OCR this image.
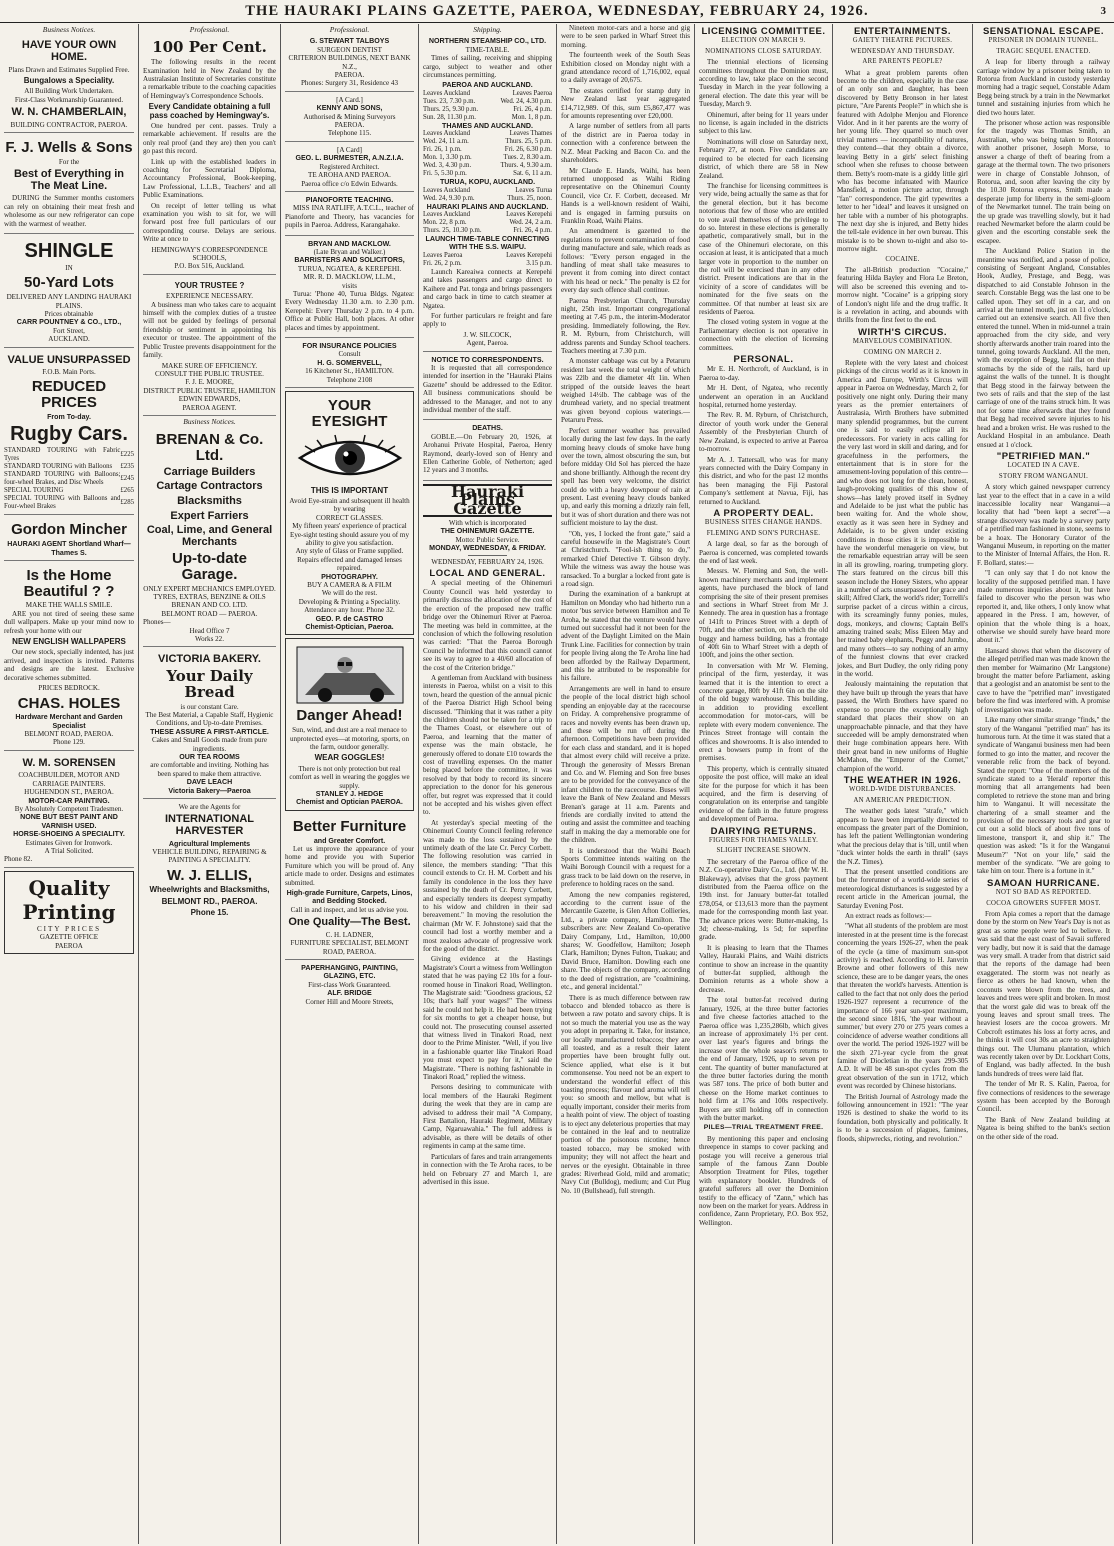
THE HAURAKI PLAINS GAZETTE, PAEROA, WEDNESDAY, FEBRUARY 24, 1926.	3
Business Notices.
HAVE YOUR OWN HOME.
Plans Drawn and Estimates Supplied Free.
Bungalows a Speciality.
All Building Work Undertaken.
First-Class Workmanship Guaranteed.
W. N. CHAMBERLAIN,
BUILDING CONTRACTOR, PAEROA.
F. J. Wells & Sons
For the
Best of Everything in The Meat Line.

DURING the Summer months customers can rely on obtaining their meat fresh and wholesome as our new refrigerator can cope with the warmest of weather.

SHINGLE
IN
50-Yard Lots
DELIVERED ANY LANDING HAURAKI PLAINS.
Prices obtainable
CARR POUNTNEY & CO., LTD.,
Fort Street,
AUCKLAND.
VALUE UNSURPASSED
F.O.B. Main Ports.
REDUCED PRICES
From To-day.
Rugby Cars.
STANDARD TOURING with Fabric Tyres	£225
STANDARD TOURING with Balloons	£235
STANDARD TOURING with Balloons; four-wheel Brakes, and Disc Wheels	£245
SPECIAL TOURING	£265
SPECIAL TOURING with Balloons and Four-wheel Brakes	£285
Gordon Mincher
HAURAKI AGENT Shortland Wharf—Thames S.
Is the Home Beautiful ? ?
MAKE THE WALLS SMILE.

ARE you not tired of seeing these same dull wallpapers. Make up your mind now to refresh your home with our

NEW ENGLISH WALLPAPERS

Our new stock, specially indented, has just arrived, and inspection is invited. Patterns and designs are the latest. Exclusive decorative schemes submitted.

PRICES BEDROCK.
CHAS. HOLES
Hardware Merchant and Garden Specialist
BELMONT ROAD, PAEROA.
Phone 129.
W. M. SORENSEN
COACHBUILDER, MOTOR AND CARRIAGE PAINTERS.
HUGHENDON ST., PAEROA.
MOTOR-CAR PAINTING.
By Absolutely Competent Tradesmen.
NONE BUT BEST PAINT AND VARNISH USED.
HORSE-SHOEING A SPECIALITY.
Estimates Given for Ironwork.
A Trial Solicited.
Phone 82.
Quality
Printing
CITY PRICES
GAZETTE OFFICE
PAEROA
Professional.
100 Per Cent.

The following results in the recent Examination held in New Zealand by the Australasian Institute of Secretaries constitute a remarkable tribute to the coaching capacities of Hemingway's Correspondence Schools.

Every Candidate obtaining a full pass coached by Hemingway's.

One hundred per cent. passes. Truly a remarkable achievement. If results are the only real proof (and they are) then you can't go past this record.

Link up with the established leaders in coaching for Secretarial Diploma, Accountancy Professional, Book-keeping, Law Professional, L.L.B., Teachers' and all Public Examinations.

On receipt of letter telling us what examination you wish to sit for, we will forward post free full particulars of our corresponding course. Delays are serious. Write at once to

HEMINGWAY'S CORRESPONDENCE SCHOOLS,
P.O. Box 516, Auckland.
YOUR TRUSTEE ?
EXPERIENCE NECESSARY.

A business man who takes care to acquaint himself with the complex duties of a trustee will not be guided by feelings of personal friendship or sentiment in appointing his executor or trustee. The appointment of the Public Trustee prevents disappointment for the family.

MAKE SURE OF EFFICIENCY.
CONSULT THE PUBLIC TRUSTEE.
F. J. E. MOORE,
DISTRICT PUBLIC TRUSTEE, HAMILTON
EDWIN EDWARDS,
PAEROA AGENT.
Business Notices.
BRENAN & Co. Ltd.
Carriage Builders
Cartage Contractors
Blacksmiths
Expert Farriers
Coal, Lime, and General Merchants
Up-to-date Garage.
ONLY EXPERT MECHANICS EMPLOYED.
TYRES, EXTRAS, BENZINE & OILS
BRENAN AND CO. LTD.
BELMONT ROAD — PAEROA.
Phones—
Head Office 7
Works 22.
VICTORIA BAKERY.
Your Daily Bread
is our constant Care.
The Best Material, a Capable Staff, Hygienic Conditions, and Up-to-date Premises.
THESE ASSURE A FIRST-ARTICLE.
Cakes and Small Goods made from pure ingredients.
OUR TEA ROOMS
are comfortable and inviting. Nothing has been spared to make them attractive.
DAVE LEACH
Victoria Bakery—Paeroa
We are the Agents for
INTERNATIONAL HARVESTER
Agricultural Implements
VEHICLE BUILDING, REPAIRING & PAINTING A SPECIALITY.
W. J. ELLIS,
Wheelwrights and Blacksmiths,
BELMONT RD., PAEROA.
Phone 15.
Professional.
G. STEWART TALBOYS
SURGEON DENTIST
CRITERION BUILDINGS, NEXT BANK N.Z.,
PAEROA.
Phones: Surgery 31, Residence 43
[A Card.]
KENNY AND SONS,
Authorised & Mining Surveyors
PAEROA.
Telephone 115.
[A Card]
GEO. L. BURMESTER, A.N.Z.I.A.
Registered Architect.
TE AROHA AND PAEROA.
Paeroa office c/o Edwin Edwards.
PIANOFORTE TEACHING.

MISS INA RATLIFF, A.T.C.L., teacher of Pianoforte and Theory, has vacancies for pupils in Paeroa. Address, Karangahake.

BRYAN AND MACKLOW.
(Late Bryan and Walker.)
BARRISTERS AND SOLICITORS,
TURUA, NGATEA, & KEREPEHI.
MR. R. D. MACKLOW, LL.M.,
visits

Turua: 'Phone 40, Turua Bldgs. Ngatea: Every Wednesday 11.30 a.m. to 2.30 p.m. Kerepehi: Every Thursday 2 p.m. to 4 p.m. Office at Public Hall, both places. At other places and times by appointment.

FOR INSURANCE POLICIES
Consult
H. G. SOMERVELL,
16 Kitchener St., HAMILTON.
Telephone 2108
YOUR EYESIGHT
THIS IS IMPORTANT
Avoid Eye-strain and subsequent ill health by wearing
CORRECT GLASSES.
My fifteen years' experience of practical Eye-sight testing should assure you of my ability to give you satisfaction.
Any style of Glass or Frame supplied.
Repairs effected and damaged lenses repaired.
PHOTOGRAPHY.
BUY A CAMERA & A FILM
We will do the rest.
Developing & Printing a Speciality.
Attendance any hour. Phone 32.
GEO. P. de CASTRO
Chemist-Optician, Paeroa.
Danger Ahead!
Sun, wind, and dust are a real menace to unprotected eyes—at motoring, sports, on the farm, outdoor generally.
WEAR GOGGLES!
There is not only protection but real comfort as well in wearing the goggles we supply.
STANLEY J. HEDGE
Chemist and Optician PAEROA.
Better Furniture
and Greater Comfort.

Let us improve the appearance of your home and provide you with Superior Furniture which you will be proud of. Any article made to order. Designs and estimates submitted.

High-grade Furniture, Carpets, Linos, and Bedding Stocked.
Call in and inspect, and let us advise you.
One Quality—The Best.
C. H. LADNER,
FURNITURE SPECIALIST, BELMONT ROAD, PAEROA.
PAPERHANGING, PAINTING, GLAZING, ETC.
First-class Work Guaranteed.
ALF. BRIDGE
Corner Hill and Moore Streets,
Shipping.
NORTHERN STEAMSHIP CO., LTD.
TIME-TABLE.

Times of sailing, receiving and shipping cargo, subject to weather and other circumstances permitting.

PAEROA AND AUCKLAND.
Leaves Auckland	Leaves Paeroa
Tues. 23, 7.30 p.m.	Wed. 24, 4.30 p.m.
Thurs. 25, 9.30 p.m.	Fri. 26, 4 p.m.
Sun. 28, 11.30 p.m.	Mon. 1, 8 p.m.
THAMES AND AUCKLAND.
Leaves Auckland	Leaves Thames
Wed. 24, 11 a.m.	Thurs. 25, 5 p.m.
Fri. 26, 1 p.m.	Fri. 26, 6.30 p.m.
Mon. 1, 3.30 p.m.	Tues. 2, 8.30 a.m.
Wed. 3, 4.30 p.m.	Thurs. 4, 9.30 a.m.
Fri. 5, 5.30 p.m.	Sat. 6, 11 a.m.
TURUA, KOPU, AUCKLAND.
Leaves Auckland	Leaves Turua
Wed. 24, 9.30 p.m.	Thurs. 25, noon.
HAURAKI PLAINS AND AUCKLAND.
Leaves Auckland	Leaves Kerepehi
Mon. 22, 8 p.m.	Wed. 24, 2 a.m.
Thurs. 25, 10.30 p.m.	Fri. 26, 4 p.m.
LAUNCH TIME-TABLE CONNECTING WITH THE S.S. WAIPU.
Leaves Paeroa	Leaves Kerepehi
Fri. 26, 2 p.m.	3.15 p.m.

Launch Kareaiwa connects at Kerepehi and takes passengers and cargo direct to Kaihere and Pat. tonga and brings passengers and cargo back in time to catch steamer at Ngatea.

For further particulars re freight and fare apply to

J. W. SILCOCK,
Agent, Paeroa.
NOTICE TO CORRESPONDENTS.

It is requested that all correspondence intended for insertion in the "Hauraki Plains Gazette" should be addressed to the Editor. All business communications should be addressed to the Manager, and not to any individual member of the staff.

DEATHS.

GOBLE.—On February 20, 1926, at Arohanui Private Hospital, Paeroa, Henry Raymond, dearly-loved son of Henry and Ellen Catherine Goble, of Netherton; aged 12 years and 3 months.

Hauraki Plains Gazette
With which is incorporated
THE OHINEMURI GAZETTE.
Motto: Public Service.
MONDAY, WEDNESDAY, & FRIDAY.
WEDNESDAY, FEBRUARY 24, 1926.
LOCAL AND GENERAL.

A special meeting of the Ohinemuri County Council was held yesterday to primarily discuss the allocation of the cost of the erection of the proposed new traffic bridge over the Ohinemuri River at Paeroa. The meeting was held in committee, at the conclusion of which the following resolution was carried: "That the Paeroa Borough Council be informed that this council cannot see its way to agree to a 40/60 allocation of the cost of the Criterion bridge."

A gentleman from Auckland with business interests in Paeroa, whilst on a visit to this town, heard the question of the annual picnic of the Paeroa District High School being discussed. "Thinking that it was rather a pity the children should not be taken for a trip to the Thames Coast, or elsewhere out of Paeroa, and learning that the matter of expense was the main obstacle, he generously offered to donate £10 towards the cost of travelling expenses. On the matter being placed before the committee, it was resolved by that body to record its sincere appreciation to the donor for his generous offer, but regret was expressed that it could not be accepted and his wishes given effect to.

At yesterday's special meeting of the Ohinemuri County Council feeling reference was made to the loss sustained by the untimely death of the late Cr. Percy Corbett. The following resolution was carried in silence, the members standing: "That this council extends to Cr. H. M. Corbett and his family its condolence in the loss they have sustained by the death of Cr. Percy Corbett, and especially tenders its deepest sympathy to his widow and children in their sad bereavement." In moving the resolution the chairman (Mr W. F. Johnstone) said that the council had lost a worthy member and a most zealous advocate of progressive work for the good of the district.

Giving evidence at the Hastings Magistrate's Court a witness from Wellington stated that he was paying £2 10s for a four-roomed house in Tinakori Road, Wellington. The Magistrate said: "Goodness gracious, £2 10s; that's half your wages!" The witness said he could not help it. He had been trying for six months to get a cheaper house, but could not. The prosecuting counsel asserted that witness lived in Tinakori Road, next door to the Prime Minister. "Well, if you live in a fashionable quarter like Tinakori Road you must expect to pay for it," said the Magistrate. "There is nothing fashionable in Tinakori Road," replied the witness.

Persons desiring to communicate with local members of the Hauraki Regiment during the week that they are in camp are advised to address their mail "A Company, First Battalion, Hauraki Regiment, Military Camp, Ngaruawahia." The full address is advisable, as there will be details of other regiments in camp at the same time.

Particulars of fares and train arrangements in connection with the Te Aroha races, to be held on February 27 and March 1, are advertised in this issue.

Nineteen motor-cars and a horse and gig were to be seen parked in Wharf Street this morning.

The fourteenth week of the South Seas Exhibition closed on Monday night with a grand attendance record of 1,716,002, equal to a daily average of 20,675.

The estates certified for stamp duty in New Zealand last year aggregated £14,712,989. Of this, sum £5,867,477 was for amounts representing over £20,000.

A large number of settlers from all parts of the district are in Paeroa today in connection with a conference between the N.Z. Meat Packing and Bacon Co. and the shareholders.

Mr Claude E. Hands, Waihi, has been returned unopposed as Waihi Riding representative on the Ohinemuri County Council, vice Cr. F. Corbett, deceased. Mr Hands is a well-known resident of Waihi, and is engaged in farming pursuits on Franklin Road, Waihi Plains.

An amendment is gazetted to the regulations to prevent contamination of food during manufacture and sale, which reads as follows: "Every person engaged in the handling of meat shall take measures to prevent it from coming into direct contact with his head or neck." The penalty is £2 for every day such offence shall continue.

Paeroa Presbyterian Church, Thursday night, 25th inst. Important congregational meeting at 7.45 p.m., the interim-Moderator presiding. Immediately following, the Rev. R. M. Ryburn, from Christchurch, will address parents and Sunday School teachers. Teachers meeting at 7.30 p.m.

A monster cabbage was cut by a Petaruru resident last week the total weight of which was 22lb and the diameter 4ft 1in. When stripped of the outside leaves the heart weighed 14½lb. The cabbage was of the drumhead variety, and no special treatment was given beyond copious waterings.—Petaruru Press.

Perfect summer weather has prevailed locally during the last few days. In the early morning heavy clouds of smoke have hung over the town, almost obscuring the sun, but before midday Old Sol has pierced the haze and shone brilliantly. Although the recent dry spell has been very welcome, the district could do with a heavy downpour of rain at present. Last evening heavy clouds banked up, and early this morning a drizzly rain fell, but it was of short duration and there was not sufficient moisture to lay the dust.

"Oh, yes, I locked the front gate," said a careful housewife in the Magistrate's Court at Christchurch. "Fool-ish thing to do," remarked Chief Detective T. Gibson dryly. While the witness was away the house was ransacked. To a burglar a locked front gate is a road sign.

During the examination of a bankrupt at Hamilton on Monday who had hitherto run a motor 'bus service between Hamilton and Te Aroha, he stated that the venture would have turned out successful had it not been for the advent of the Daylight Limited on the Main Trunk Line. Facilities for connection by train for people living along the Te Aroha line had been afforded by the Railway Department, and this he attributed to be responsible for his failure.

Arrangements are well in hand to ensure the people of the local district high school spending an enjoyable day at the racecourse on Friday. A comprehensive programme of races and novelty events has been drawn up, and these will be run off during the afternoon. Competitions have been provided for each class and standard, and it is hoped that almost every child will receive a prize. Through the generosity of Messrs Brenan and Co. and W. Fleming and Son free buses are to be provided for the conveyance of the infant children to the racecourse. Buses will leave the Bank of New Zealand and Messrs Brenan's garage at 11 a.m. Parents and friends are cordially invited to attend the outing and assist the committee and teaching staff in making the day a memorable one for the children.

It is understood that the Waihi Beach Sports Committee intends waiting on the Waihi Borough Council with a request for a grass track to be laid down on the reserve, in preference to holding races on the sand.

Among the new companies registered, according to the current issue of the Mercantile Gazette, is Glen Afton Collieries, Ltd., a private company, Hamilton. The subscribers are: New Zealand Co-operative Dairy Company, Ltd., Hamilton, 10,000 shares; W. Goodfellow, Hamilton; Joseph Clark, Hamilton; Dynes Fulton, Tuakau; and David Bruce, Hamilton. Dowling each one share. The objects of the company, according to the deed of registration, are "coalmining, etc., and general incidental."

There is as much difference between raw tobacco and blended tobacco as there is between a raw potato and savory chips. It is not so much the material you use as the way you adopt in preparing it. Take, for instance, our locally manufactured tobaccos; they are all toasted, and as a result their latent properties have been brought fully out. Science applied, what else is it but commonsense. You need not be an expert to understand the wonderful effect of this toasting process; flavour and aroma will tell you: so smooth and mellow, but what is equally important, consider their merits from a health point of view. The object of toasting is to eject any deleterious properties that may be contained in the leaf and to neutralize portion of the poisonous nicotine; hence toasted tobacco, may be smoked with impunity; they will not affect the heart and nerves or the eyesight. Obtainable in three grades: Riverhead Gold, mild and aromatic; Navy Cut (Bulldog), medium; and Cut Plug No. 10 (Bullshead), full strength.

LICENSING COMMITTEE.
ELECTION ON MARCH 9.
NOMINATIONS CLOSE SATURDAY.

The triennial elections of licensing committees throughout the Dominion must, according to law, take place on the second Tuesday in March in the year following a general election. The date this year will be Tuesday, March 9.

Ohinemuri, after being for 11 years under no license, is again included in the districts subject to this law.

Nominations will close on Saturday next, February 27, at noon. Five candidates are required to be elected for each licensing district, of which there are 58 in New Zealand.

The franchise for licensing committees is very wide, being actually the same as that for the general election, but it has become notorious that few of those who are entitled to vote avail themselves of the privilege to do so. Interest in these elections is generally apathetic, comparatively small, but in the case of the Ohinemuri electorate, on this occasion at least, it is anticipated that a much larger vote in proportion to the number on the roll will be exercised than in any other district. Present indications are that in the vicinity of a score of candidates will be nominated for the five seats on the committee. Of that number at least six are residents of Paeroa.

The closed voting system in vogue at the Parliamentary election is not operative in connection with the election of licensing committees.

PERSONAL.

Mr E. H. Northcroft, of Auckland, is in Paeroa to-day.

Mr H. Dent, of Ngatea, who recently underwent an operation in an Auckland hospital, returned home yesterday.

The Rev. R. M. Ryburn, of Christchurch, director of youth work under the General Assembly of the Presbyterian Church of New Zealand, is expected to arrive at Paeroa to-morrow.

Mr A. J. Tattersall, who was for many years connected with the Dairy Company in this district, and who for the past 12 months has been managing the Fiji Pastoral Company's settlement at Navua, Fiji, has returned to Auckland.

A PROPERTY DEAL.
BUSINESS SITES CHANGE HANDS.
FLEMING AND SON'S PURCHASE.

A large deal, so far as the borough of Paeroa is concerned, was completed towards the end of last week.

Messrs. W. Fleming and Son, the well-known machinery merchants and implement agents, have purchased the block of land comprising the site of their present premises and sections in Wharf Street from Mr J. Kennedy. The area in question has a frontage of 141ft to Princes Street with a depth of 70ft, and the other section, on which the old buggy and harness building, has a frontage of 40ft 6in to Wharf Street with a depth of 100ft, and joins the other section.

In conversation with Mr W. Fleming, principal of the firm, yesterday, it was learned that it is the intention to erect a concrete garage, 80ft by 41ft 6in on the site of the old buggy warehouse. This building, in addition to providing excellent accommodation for motor-cars, will be replete with every modern convenience. The Princes Street frontage will contain the offices and showrooms. It is also intended to erect a bowsers pump in front of the premises.

This property, which is centrally situated opposite the post office, will make an ideal site for the purpose for which it has been acquired, and the firm is deserving of congratulation on its enterprise and tangible evidence of the faith in the future progress and development of Paeroa.

DAIRYING RETURNS.
FIGURES FOR THAMES VALLEY.
SLIGHT INCREASE SHOWN.

The secretary of the Paeroa office of the N.Z. Co-operative Dairy Co., Ltd. (Mr W. H. Blakeway), advises that the gross payment distributed from the Paeroa office on the 19th inst. for January butter-fat totalled £78,054, or £13,613 more than the payment made for the corresponding month last year. The advance prices were: Butter-making, 1s 3d; cheese-making, 1s 5d; for superfine grade.

It is pleasing to learn that the Thames Valley, Hauraki Plains, and Waihi districts continue to show an increase in the quantity of butter-fat supplied, although the Dominion returns as a whole show a decrease.

The total butter-fat received during January, 1926, at the three butter factories and five cheese factories attached to the Paeroa office was 1,235,286lb, which gives an increase of approximately 1½ per cent. over last year's figures and brings the increase over the whole season's returns to the end of January, 1926, up to seven per cent. The quantity of butter manufactured at the three butter factories during the month was 587 tons. The price of both butter and cheese on the Home market continues to hold firm at 176s and 100s respectively. Buyers are still holding off in connection with the butter market.

PILES—TRIAL TREATMENT FREE.

By mentioning this paper and enclosing threepence in stamps to cover packing and postage you will receive a generous trial sample of the famous Zann Double Absorption Treatment for Piles, together with explanatory booklet. Hundreds of grateful sufferers all over the Dominion testify to the efficacy of "Zann," which has now been on the market for years. Address in confidence, Zann Proprietary, P.O. Box 952, Wellington.

ENTERTAINMENTS.
GAIETY THEATRE PICTURES.
WEDNESDAY AND THURSDAY.
ARE PARENTS PEOPLE?

What a great problem parents often become to the children, especially in the case of an only son and daughter, has been discovered by Betty Bronson in her latest picture, "Are Parents People?" in which she is featured with Adolphe Menjou and Florence Vidor. And in it her parents are the worry of her young life. They quarrel so much over trivial matters — incompatibility of natures, they contend—that they obtain a divorce, leaving Betty in a girls' select finishing school when she refuses to choose between them. Betty's room-mate is a giddy little girl who has become infatuated with Maurice Mansfield, a motion picture actor, through "fan" correspondence. The girl typewrites a letter to her "ideal" and leaves it unsigned on her table with a number of his photographs. The next day she is injured, and Betty hides the tell-tale evidence in her own bureau. This mistake is to be shown to-night and also to-morrow night.

COCAINE.

The all-British production "Cocaine," featuring Hilda Bayley and Flora Le Breton, will also be screened this evening and to-morrow night. "Cocaine" is a gripping story of London's night life and the drug traffic. It is a revelation in acting, and abounds with thrills from the first feet to the end.

WIRTH'S CIRCUS.
MARVELOUS COMBINATION.
COMING ON MARCH 2.

Replete with the very latest and choicest pickings of the circus world as it is known in America and Europe, Wirth's Circus will appear in Paeroa on Wednesday, March 2, for positively one night only. During their many years as the premier entertainers of Australasia, Wirth Brothers have submitted many splendid programmes, but the current one is said to easily eclipse all its predecessors. For variety in acts calling for the very last word in skill and daring, and for gracefulness in the performers, the entertainment that is in store for the amusement-loving population of this centre—and who does not long for the clean, honest, laugh-provoking qualities of this show of shows—has lately proved itself in Sydney and Adelaide to be just what the public has been waiting for. And the whole show, exactly as it was seen here in Sydney and Adelaide, is to be given under existing conditions in those cities it is impossible to have the wonderful menagerie on view, but the remarkable equestrian array will be seen in all its growling, roaring, trumpeting glory. The stars featured on the circus bill this season include the Honey Sisters, who appear in a number of acts unsurpassed for grace and skill; Alfred Clark, the world's rider; Torrelli's surprise packet of a circus within a circus, with its screamingly funny ponies, mules, dogs, monkeys, and clowns; Captain Bell's amazing trained seals; Miss Eileen May and her trained baby elephants, Peggy and Jumbo, and many others—to say nothing of an army of the funniest clowns that ever cracked jokes, and Burt Dudley, the only riding pony in the world.

Jealously maintaining the reputation that they have built up through the years that have passed, the Wirth Brothers have spared no expense to procure the exceptionally high standard that places their show on an unapproachable pinnacle, and that they have succeeded will be amply demonstrated when their huge combination appears here. With their great band in new uniforms of Hughie McMahon, the "Emperor of the Cornet," champion of the world.

THE WEATHER IN 1926.
WORLD-WIDE DISTURBANCES.
AN AMERICAN PREDICTION.

The weather gods latest "strafe," which appears to have been impartially directed to encompass the greater part of the Dominion, has left the patient Wellingtonian wondering what the precious delay that is 'till, until when "duck winter holds the earth in thrall" (says the N.Z. Times).

That the present unsettled conditions are but the forerunner of a world-wide series of meteorological disturbances is suggested by a recent article in the American journal, the Saturday Evening Post.

An extract reads as follows:—

"What all students of the problem are most interested in at the present time is the forecast concerning the years 1926-27, when the peak of the cycle (a time of maximum sun-spot activity) is reached. According to H. Janvrin Browne and other followers of this new science, these are to be danger years, the ones that threaten the world's harvests. Attention is called to the fact that not only does the period 1926-1927 represent a recurrence of the importance of 166 year sun-spot maximum, the second since 1816, 'the year without a summer,' but every 270 or 275 years comes a coincidence of adverse weather conditions all over the world. The period 1926-1927 will be the sixth 271-year cycle from the great famine of Diocletian in the years 299-305 A.D. It will be 48 sun-spot cycles from the great observation of the sun in 1712, which event was recorded by Chinese historians.

The British Journal of Astrology made the following announcement in 1921: "The year 1926 is destined to shake the world to its foundation, both physically and politically. It is to be a succession of plagues, famines, floods, shipwrecks, rioting, and revolution."

SENSATIONAL ESCAPE.
PRISONER IN DOMAIN TUNNEL.
TRAGIC SEQUEL ENACTED.

A leap for liberty through a railway carriage window by a prisoner being taken to Rotorua from Auckland in custody yesterday morning had a tragic sequel, Constable Adam Begg being struck by a train in the Newmarket tunnel and sustaining injuries from which he died two hours later.

The prisoner whose action was responsible for the tragedy was Thomas Smith, an Australian, who was being taken to Rotorua with another prisoner, Joseph Morse, to answer a charge of theft of bearing from a garage at the thermal town. The two prisoners were in charge of Constable Johnson, of Rotorua, and, soon after leaving the city by the 10.30 Rotorua express, Smith made a desperate jump for liberty in the semi-gloom of the Newmarket tunnel. The train being on the up grade was travelling slowly, but it had reached Newmarket before the alarm could be given and the escorting constable seek the escapee.

The Auckland Police Station in the meantime was notified, and a posse of police, consisting of Sergeant Angland, Constables Hook, Audley, Prestage, and Begg, was dispatched to aid Constable Johnson in the search. Constable Begg was the last one to be called upon. They set off in a car, and on arrival at the tunnel mouth, just on 11 o'clock, carried out an extensive search. All five then entered the tunnel. When in mid-tunnel a train approached from the city side, and very shortly afterwards another train roared into the tunnel, going towards Auckland. All the men, with the exception of Begg, laid flat on their stomachs by the side of the rails, hard up against the walls of the tunnel. It is thought that Begg stood in the fairway between the two sets of rails and that the step of the last carriage of one of the trains struck him. It was not for some time afterwards that they found that Begg had received severe injuries to his head and a broken wrist. He was rushed to the Auckland Hospital in an ambulance. Death ensued at 1 o'clock.

"PETRIFIED MAN."
LOCATED IN A CAVE.
STORY FROM WANGANUI.

A story which gained newspaper currency last year to the effect that in a cave in a wild inaccessible locality near Wanganui—a locality that had "been kept a secret"—a strange discovery was made by a survey party of a petrified man fashioned in stone, seems to be a hoax. The Honorary Curator of the Wanganui Museum, in reporting on the matter to the Minister of Internal Affairs, the Hon. R. F. Bollard, states:—

"I can only say that I do not know the locality of the supposed petrified man. I have made numerous inquiries about it, but have failed to discover who the person was who reported it, and, like others, I only know what appeared in the Press. I am, however, of opinion that the whole thing is a hoax, otherwise we should surely have heard more about it."

Hansard shows that when the discovery of the alleged petrified man was made known the then member for Waimarino (Mr Langstone) brought the matter before Parliament, asking that a geologist and an anatomist be sent to the cave to have the "petrified man" investigated before the find was interfered with. A promise of investigation was made.

Like many other similar strange "finds," the story of the Wanganui "petrified man" has its humorous turn. At the time it was stated that a syndicate of Wanganui business men had been formed to go into the matter, and recover the venerable relic from the back of beyond. Stated the report: "One of the members of the syndicate stated to a 'Herald' reporter this morning that all arrangements had been completed to retrieve the stone man and bring him to Wanganui. It will necessitate the chartering of a small steamer and the provision of the necessary tools and gear to cut out a solid block of about five tons of limestone, transport it, and ship it." The question was asked: "Is it for the Wanganui Museum?" "Not on your life," said the member of the syndicate. "We are going to take him on tour. There is a fortune in it."

SAMOAN HURRICANE.
NOT SO BAD AS REPORTED.
COCOA GROWERS SUFFER MOST.

From Apia comes a report that the damage done by the storm on New Year's Day is not as great as some people were led to believe. It was said that the east coast of Savaii suffered very badly, but now it is said that the damage was very small. A trader from that district said that the reports of the damage had been exaggerated. The storm was not nearly as fierce as others he had known, when the coconuts were blown from the trees, and leaves and trees were split and broken. In most that the worst gale did was to break off the young leaves and sprout small trees. The heaviest losers are the cocoa growers. Mr Cobcroft estimates his loss at forty acres, and he thinks it will cost 30s an acre to straighten things out. The Ulumanu plantation, which was recently taken over by Dr. Lockhart Cotts, of England, was badly affected. In the bush lands hundreds of trees were laid flat.

The tender of Mr R. S. Kalin, Paeroa, for five connections of residences to the sewerage system has been accepted by the Borough Council.

The Bank of New Zealand building at Ngatea is being shifted to the bank's section on the other side of the road.
